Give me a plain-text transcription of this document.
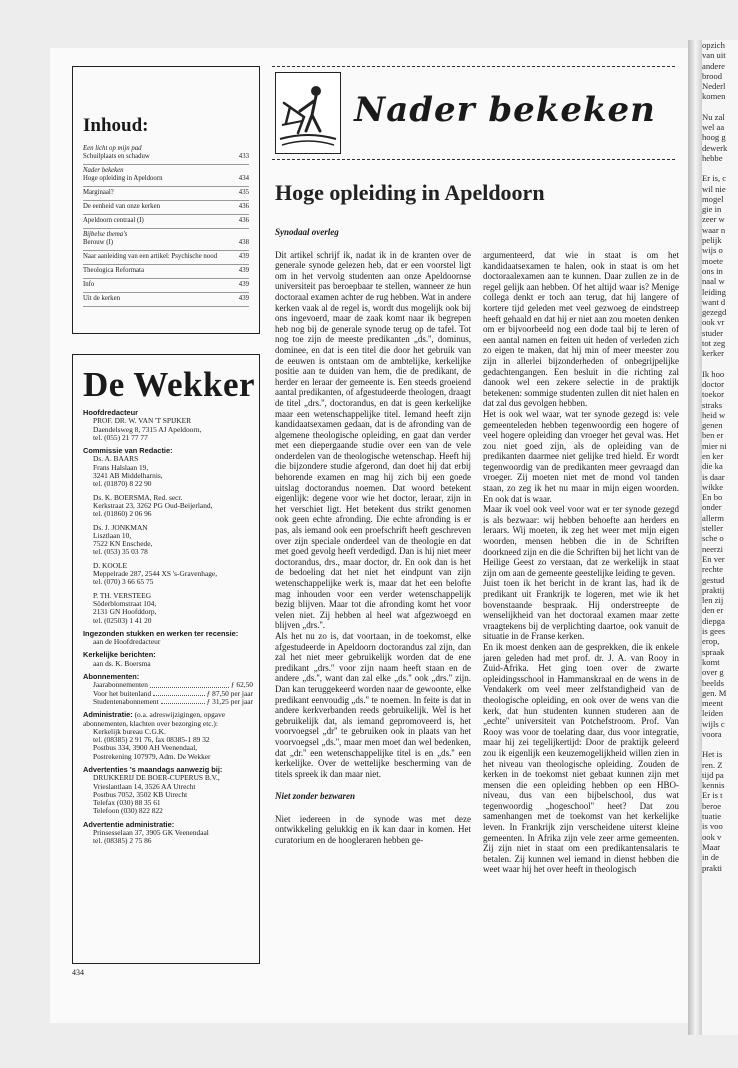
opzich

van uit

andere

brood

Nederl

komen

Nu zal

wel aa

hoog g

dewerk

hebbe

Er is, c

wil nie

mogel

gie in

zeer w

waar n

pelijk

wijs o

moete

ons in

naal w

leiding

want d

gezegd

ook vr

studer

tot zeg

kerker

Ik hoo

doctor

toekor

straks

heid w

genen

ben er

mier ni

en ker

die ka

is daar

wikke

En bo

onder

allerm

steller

sche o

neerzi

En ver

rechte

gestud

praktij

len zij

den er

diepga

is gees

erop,

spraak

komt

over g

beelds

gen. M

meent

leiden

wijls c

voora

Het is

ren. Z

tijd pa

kennis

Er is t

beroe

tuatie

is voo

ook v

Maar

in de

prakti

Inhoud:
Een licht op mijn pad
Schuilplaats en schaduw	433
Nader bekeken
Hoge opleiding in Apeldoorn	434
Marginaal?	435
De eenheid van onze kerken	436
Apeldoorn centraal (I)	436
Bijbelse thema's
Berouw (I)	438
Naar aanleiding van een artikel: Psychische nood	439
Theologica Reformata	439
Info	439
Uit de kerken	439
De Wekker
Hoofdredacteur
PROF. DR. W. VAN 'T SPIJKER
Daendelsweg 8, 7315 AJ Apeldoorn,
tel. (055) 21 77 77
Commissie van Redactie:
Ds. A. BAARS
Frans Halslaan 19,
3241 AB Middelharnis,
tel. (01870) 8 22 90
Ds. K. BOERSMA, Red. secr.
Kerkstraat 23, 3262 PG Oud-Beijerland,
tel. (01860) 2 06 96
Ds. J. JONKMAN
Lisztlaan 10,
7522 KN Enschede,
tel. (053) 35 03 78
D. KOOLE
Meppelrade 287, 2544 XS 's-Gravenhage,
tel. (070) 3 66 65 75
P. TH. VERSTEEG
Söderblomstraat 104,
2131 GN Hoofddorp,
tel. (02503) 1 41 20
Ingezonden stukken en werken ter recensie:
aan de Hoofdredacteur
Kerkelijke berichten:
aan ds. K. Boersma
Abonnementen:
Jaarabonnementen	ƒ 62,50
Voor het buitenland	ƒ 87,50 per jaar
Studentenabonnement	ƒ 31,25 per jaar
Administratie: (o.a. adreswijzigingen, opgave abonnementen, klachten over bezorging etc.):
Kerkelijk bureau C.G.K.
tel. (08385) 2 91 76, fax 08385-1 89 32
Postbus 334, 3900 AH Veenendaal,
Postrekening 107979, Adm. De Wekker
Advertenties 's maandags aanwezig bij:
DRUKKERIJ DE BOER-CUPERUS B.V.,
Vrieslantlaan 14, 3526 AA Utrecht
Postbus 7052, 3502 KB Utrecht
Telefax (030) 88 35 61
Telefoon (030) 822 822
Advertentie administratie:
Prinsesselaan 37, 3905 GK Veenendaal
tel. (08385) 2 75 86
434
Nader bekeken
Hoge opleiding in Apeldoorn

Synodaal overleg

Dit artikel schrijf ik, nadat ik in de kranten over de generale synode gelezen heb, dat er een voorstel ligt om in het vervolg studenten aan onze Apeldoornse universiteit pas beroepbaar te stellen, wanneer ze hun doctoraal examen achter de rug hebben. Wat in andere kerken vaak al de regel is, wordt dus mogelijk ook bij ons ingevoerd, maar de zaak komt naar ik begrepen heb nog bij de generale synode terug op de tafel. Tot nog toe zijn de meeste predikanten „ds.'', dominus, dominee, en dat is een titel die door het gebruik van de eeuwen is ontstaan om de ambtelijke, kerkelijke positie aan te duiden van hem, die de predikant, de herder en leraar der gemeente is. Een steeds groeiend aantal predikanten, of afgestudeerde theologen, draagt de titel „drs.'', doctorandus, en dat is geen kerkelijke maar een wetenschappelijke titel. Iemand heeft zijn kandidaatsexamen gedaan, dat is de afronding van de algemene theologische opleiding, en gaat dan verder met een diepergaande studie over een van de vele onderdelen van de theologische wetenschap. Heeft hij die bijzondere studie afgerond, dan doet hij dat erbij behorende examen en mag hij zich bij een goede uitslag doctorandus noemen. Dat woord betekent eigenlijk: degene voor wie het doctor, leraar, zijn in het verschiet ligt. Het betekent dus strikt genomen ook geen echte afronding. Die echte afronding is er pas, als iemand ook een proefschrift heeft geschreven over zijn speciale onderdeel van de theologie en dat met goed gevolg heeft verdedigd. Dan is hij niet meer doctorandus, drs., maar doctor, dr. En ook dan is het de bedoeling dat het niet het eindpunt van zijn wetenschappelijke werk is, maar dat het een belofte mag inhouden voor een verder wetenschappelijk bezig blijven. Maar tot die afronding komt het voor velen niet. Zij hebben al heel wat afgezwoegd en blijven „drs.''.

Als het nu zo is, dat voortaan, in de toekomst, elke afgestudeerde in Apeldoorn doctorandus zal zijn, dan zal het niet meer gebruikelijk worden dat de ene predikant „drs.'' voor zijn naam heeft staan en de andere „ds.'', want dan zal elke „ds.'' ook „drs.'' zijn. Dan kan teruggekeerd worden naar de gewoonte, elke predikant eenvoudig „ds.'' te noemen. In feite is dat in andere kerkverbanden reeds gebruikelijk. Wel is het gebruikelijk dat, als iemand gepromoveerd is, het voorvoegsel „dr'' te gebruiken ook in plaats van het voorvoegsel „ds.'', maar men moet dan wel bedenken, dat „dr.'' een wetenschappelijke titel is en „ds.'' een kerkelijke. Over de wettelijke bescherming van de titels spreek ik dan maar niet.

Niet zonder bezwaren

Niet iedereen in de synode was met deze ontwikkeling gelukkig en ik kan daar in komen. Het curatorium en de hoogleraren hebben ge-

argumenteerd, dat wie in staat is om het kandidaatsexamen te halen, ook in staat is om het doctoraalexamen aan te kunnen. Daar zullen ze in de regel gelijk aan hebben. Of het altijd waar is? Menige collega denkt er toch aan terug, dat hij langere of kortere tijd geleden met veel gezwoeg de eindstreep heeft gehaald en dat hij er niet aan zou moeten denken om er bijvoorbeeld nog een dode taal bij te leren of een aantal namen en feiten uit heden of verleden zich zo eigen te maken, dat hij min of meer meester zou zijn in allerlei bijzonderheden of onbegrijpelijke gedachtengangen. Een besluit in die richting zal danook wel een zekere selectie in de praktijk betekenen: sommige studenten zullen dit niet halen en dat zal dus gevolgen hebben.

Het is ook wel waar, wat ter synode gezegd is: vele gemeenteleden hebben tegenwoordig een hogere of veel hogere opleiding dan vroeger het geval was. Het zou niet goed zijn, als de opleiding van de predikanten daarmee niet gelijke tred hield. Er wordt tegenwoordig van de predikanten meer gevraagd dan vroeger. Zij moeten niet met de mond vol tanden staan, zo zeg ik het nu maar in mijn eigen woorden. En ook dat is waar.

Maar ik voel ook veel voor wat er ter synode gezegd is als bezwaar: wij hebben behoefte aan herders en leraars. Wij moeten, ik zeg het weer met mijn eigen woorden, mensen hebben die in de Schriften doorkneed zijn en die die Schriften bij het licht van de Heilige Geest zo verstaan, dat ze werkelijk in staat zijn om aan de gemeente geestelijke leiding te geven.

Juist toen ik het bericht in de krant las, had ik de predikant uit Frankrijk te logeren, met wie ik het bovenstaande bespraak. Hij onderstreepte de wenselijkheid van het doctoraal examen maar zette vraagtekens bij de verplichting daartoe, ook vanuit de situatie in de Franse kerken.

En ik moest denken aan de gesprekken, die ik enkele jaren geleden had met prof. dr. J. A. van Rooy in Zuid-Afrika. Het ging toen over de zwarte opleidingsschool in Hammanskraal en de wens in de Vendakerk om veel meer zelfstandigheid van de theologische opleiding, en ook over de wens van die kerk, dat hun studenten kunnen studeren aan de „echte'' universiteit van Potchefstroom. Prof. Van Rooy was voor de toelating daar, dus voor integratie, maar hij zei tegelijkertijd: Door de praktijk geleerd zou ik eigenlijk een keuzemogelijkheid willen zien in het niveau van theologische opleiding. Zouden de kerken in de toekomst niet gebaat kunnen zijn met mensen die een opleiding hebben op een HBO-niveau, dus van een bijbelschool, dus wat tegenwoordig „hogeschool'' heet? Dat zou samenhangen met de toekomst van het kerkelijke leven. In Frankrijk zijn verscheidene uiterst kleine gemeenten. In Afrika zijn vele zeer arme gemeenten. Zij zijn niet in staat om een predikantensalaris te betalen. Zij kunnen wel iemand in dienst hebben die weet waar hij het over heeft in theologisch
